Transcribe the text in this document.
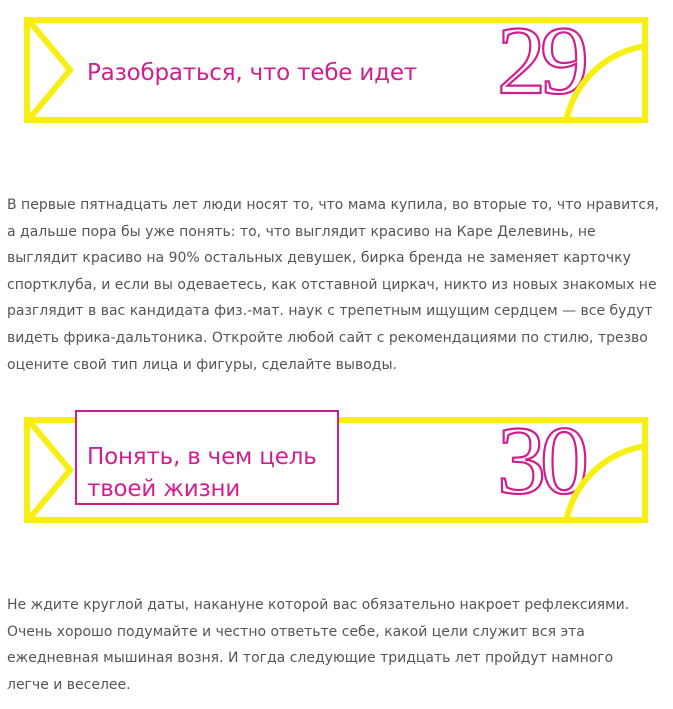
29
Разобраться, что тебе идет
В первые пятнадцать лет люди носят то, что мама купила, во вторые то, что нравится,
а дальше пора бы уже понять: то, что выглядит красиво на Каре Делевинь, не
выглядит красиво на 90% остальных девушек, бирка бренда не заменяет карточку
спортклуба, и если вы одеваетесь, как отставной циркач, никто из новых знакомых не
разглядит в вас кандидата физ.-мат. наук с трепетным ищущим сердцем — все будут
видеть фрика-дальтоника. Откройте любой сайт с рекомендациями по стилю, трезво
оцените свой тип лица и фигуры, сделайте выводы.
30
Понять, в чем цель
твоей жизни
Не ждите круглой даты, накануне которой вас обязательно накроет рефлексиями.
Очень хорошо подумайте и честно ответьте себе, какой цели служит вся эта
ежедневная мышиная возня. И тогда следующие тридцать лет пройдут намного
легче и веселее.
